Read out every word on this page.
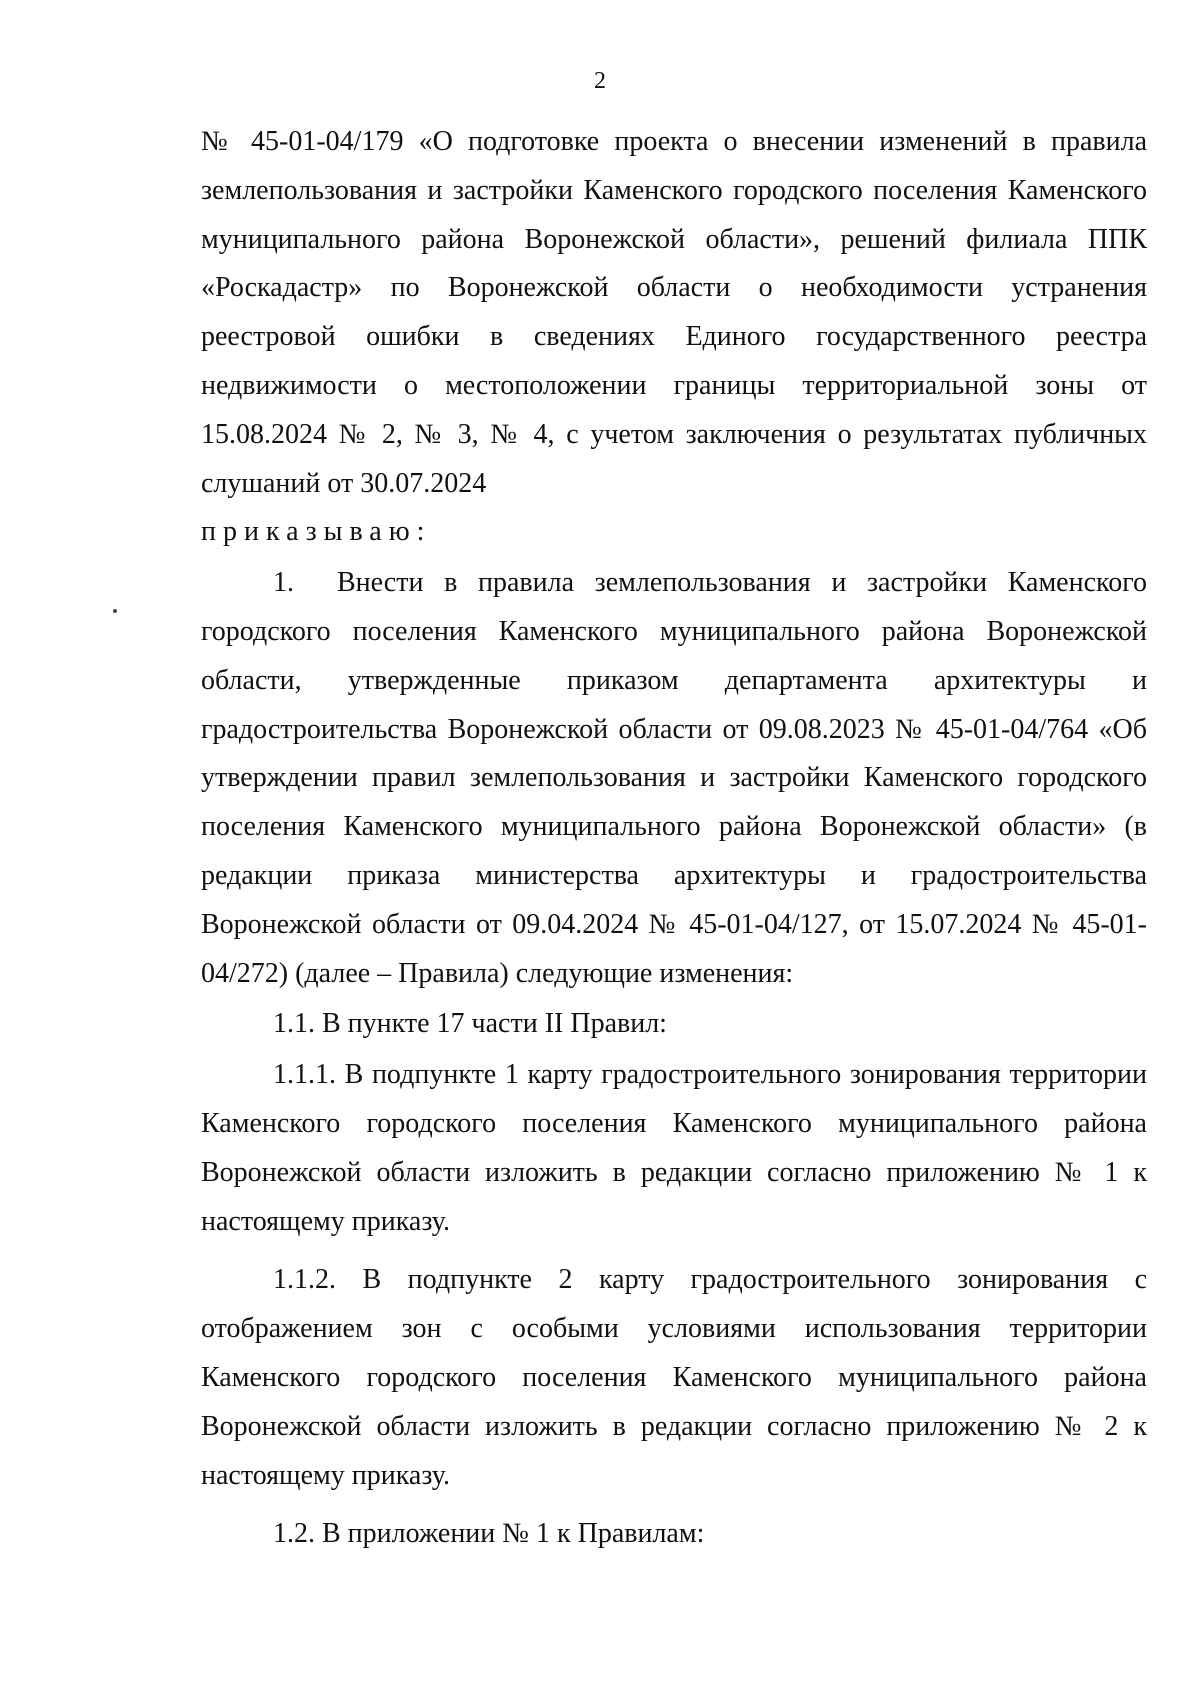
2

№ 45-01-04/179 «О подготовке проекта о внесении изменений в правила землепользования и застройки Каменского городского поселения Каменского муниципального района Воронежской области», решений филиала ППК «Роскадастр» по Воронежской области о необходимости устранения реестровой ошибки в сведениях Единого государственного реестра недвижимости о местоположении границы территориальной зоны от 15.08.2024 № 2, № 3, № 4, с учетом заключения о результатах публичных слушаний от 30.07.2024

приказываю:

1. Внести в правила землепользования и застройки Каменского городского поселения Каменского муниципального района Воронежской области, утвержденные приказом департамента архитектуры и градостроительства Воронежской области от 09.08.2023 № 45-01-04/764 «Об утверждении правил землепользования и застройки Каменского городского поселения Каменского муниципального района Воронежской области» (в редакции приказа министерства архитектуры и градостроительства Воронежской области от 09.04.2024 № 45-01-04/127, от 15.07.2024 № 45-01-04/272) (далее – Правила) следующие изменения:

1.1. В пункте 17 части II Правил:

1.1.1. В подпункте 1 карту градостроительного зонирования территории Каменского городского поселения Каменского муниципального района Воронежской области изложить в редакции согласно приложению № 1 к настоящему приказу.

1.1.2. В подпункте 2 карту градостроительного зонирования с отображением зон с особыми условиями использования территории Каменского городского поселения Каменского муниципального района Воронежской области изложить в редакции согласно приложению № 2 к настоящему приказу.

1.2. В приложении № 1 к Правилам:
